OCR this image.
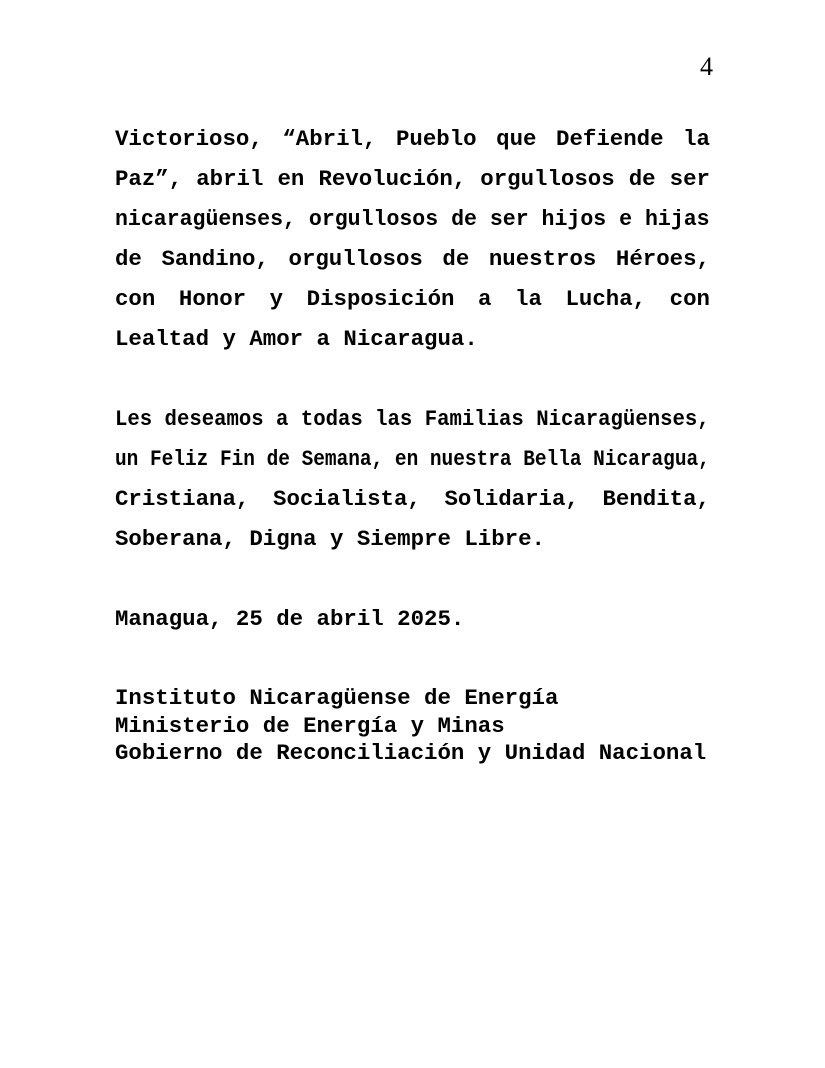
4
Victorioso, “Abril, Pueblo que Defiende la
Paz”, abril en Revolución, orgullosos de ser
nicaragüenses, orgullosos de ser hijos e hijas
de Sandino, orgullosos de nuestros Héroes,
con Honor y Disposición a la Lucha, con
Lealtad y Amor a Nicaragua.
Les deseamos a todas las Familias Nicaragüenses,
un Feliz Fin de Semana, en nuestra Bella Nicaragua,
Cristiana, Socialista, Solidaria, Bendita,
Soberana, Digna y Siempre Libre.
Managua, 25 de abril 2025.
Instituto Nicaragüense de Energía
Ministerio de Energía y Minas
Gobierno de Reconciliación y Unidad Nacional
